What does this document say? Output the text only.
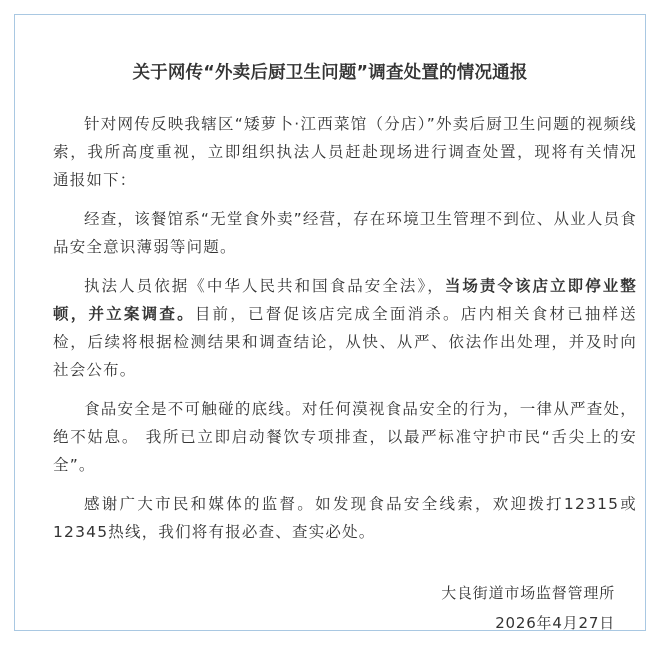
关于网传“外卖后厨卫生问题”调查处置的情况通报

针对网传反映我辖区“矮萝卜·江西菜馆（分店）”外卖后厨卫生问题的视频线索，我所高度重视，立即组织执法人员赶赴现场进行调查处置，现将有关情况通报如下：

经查，该餐馆系“无堂食外卖”经营，存在环境卫生管理不到位、从业人员食品安全意识薄弱等问题。

执法人员依据《中华人民共和国食品安全法》，当场责令该店立即停业整顿，并立案调查。目前，已督促该店完成全面消杀。店内相关食材已抽样送检，后续将根据检测结果和调查结论，从快、从严、依法作出处理，并及时向社会公布。

食品安全是不可触碰的底线。对任何漠视食品安全的行为，一律从严查处，绝不姑息。 我所已立即启动餐饮专项排查，以最严标准守护市民“舌尖上的安全”。

感谢广大市民和媒体的监督。如发现食品安全线索，欢迎拨打12315或12345热线，我们将有报必查、查实必处。

大良街道市场监督管理所
2026年4月27日
